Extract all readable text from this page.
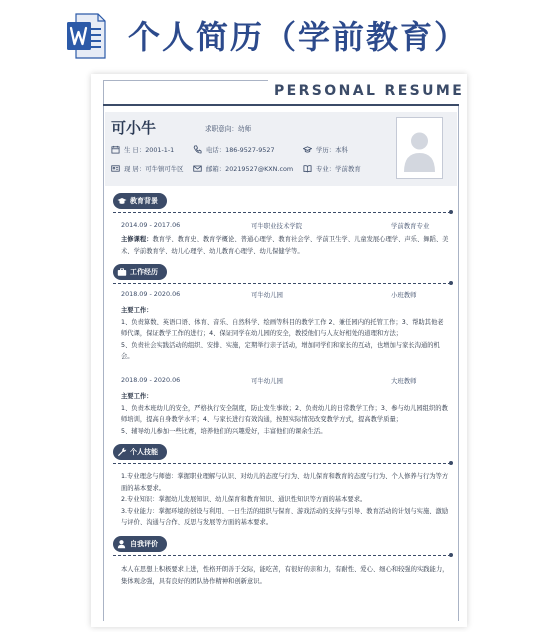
个人简历（学前教育）
PERSONAL RESUME
可小牛	求职意向：幼师
生 日：2001-1-1	电话：186-9527-9527	学历：本科
现 居：可牛镇可牛区	邮箱：20219527@KXN.com	专业：学前教育
教育背景
2014.09 - 2017.06	可牛职业技术学院	学前教育专业
主修课程：教育学、教育史、教育学概论、普通心理学、教育社会学、学前卫生学、儿童发展心理学、声乐、舞蹈、美术、学前教育学、幼儿心理学、幼儿教育心理学、幼儿保健学等。
工作经历
2018.09 - 2020.06	可牛幼儿园	小班教师

主要工作：

1、负责算数、英语口语、体育、音乐、自然科学、绘画等科目的教学工作 2、兼任园内的托管工作；3、帮助其他老师代课，保证教学工作的进行；4、保证同学在幼儿园的安全，教授他们与人友好相处的道理和方法；

5、负责社会实践活动的组织、安排、实施，定期举行亲子活动，增加同学们和家长的互动，也增加与家长沟通的机会。

2018.09 - 2020.06	可牛幼儿园	大班教师

主要工作：

1、负责本班幼儿的安全，严格执行安全制度，防止发生事故；2、负责幼儿的日常教学工作；3、参与幼儿园组织的教师培训，提高自身教学水平；4、与家长进行有效沟通，按照实际情况改变教学方式，提高教学质量；

5、辅导幼儿参加一些比赛，培养他们的兴趣爱好，丰富他们的课余生活。

个人技能

1.专业理念与师德：掌握职业理解与认识、对幼儿的态度与行为、幼儿保育和教育的态度与行为、个人修养与行为等方面的基本要求。

2.专业知识：掌握幼儿发展知识、幼儿保育和教育知识、通识性知识等方面的基本要求。

3.专业能力：掌握环境的创设与利用、一日生活的组织与保育、游戏活动的支持与引导、教育活动的计划与实施、激励与评价、沟通与合作、反思与发展等方面的基本要求。

自我评价
本人在思想上积极要求上进，性格开朗善于交际，能吃苦，有很好的亲和力，有耐性、爱心、细心和较强的实践能力，集体观念强，具有良好的团队协作精神和创新意识。
